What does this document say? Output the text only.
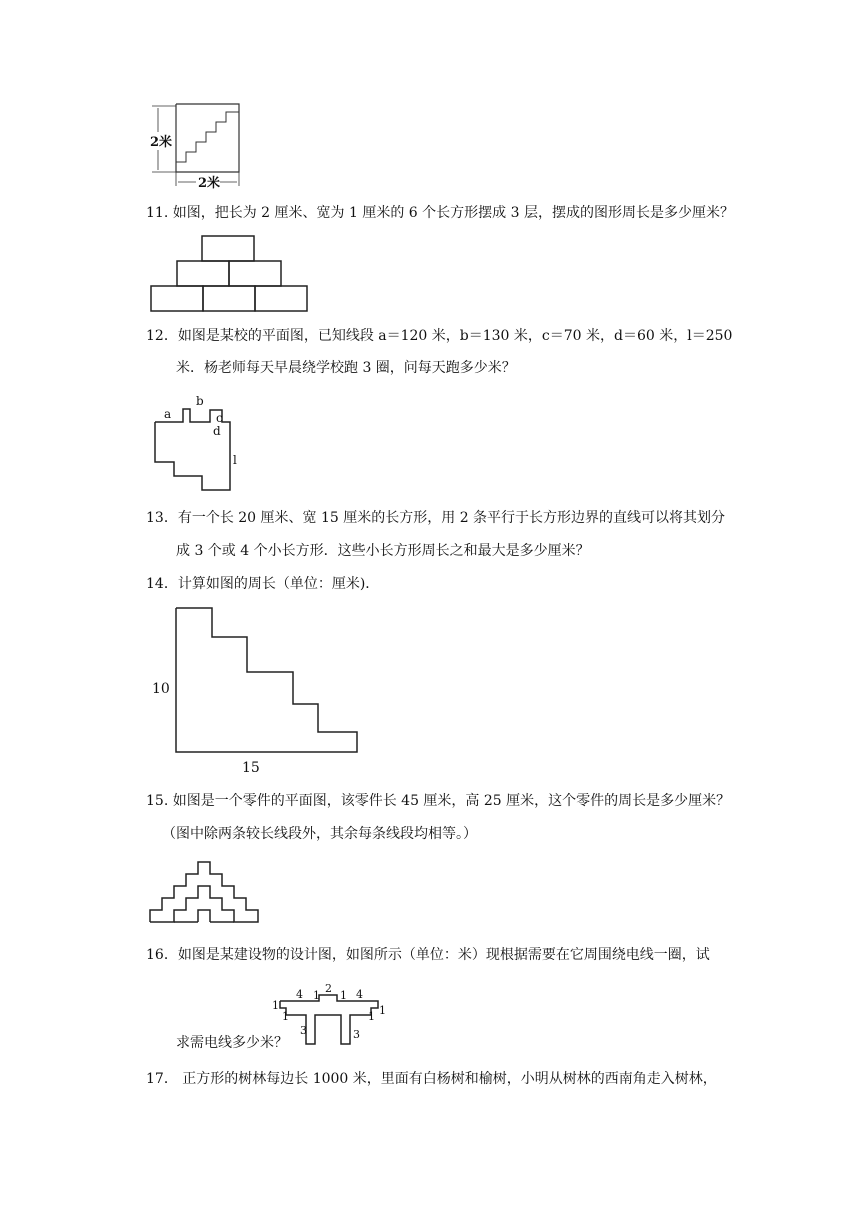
2米
2米
11. 如图，把长为 2 厘米、宽为 1 厘米的 6 个长方形摆成 3 层，摆成的图形周长是多少厘米？
12．如图是某校的平面图，已知线段 a＝120 米，b＝130 米，c＝70 米，d＝60 米，l＝250
米．杨老师每天早晨绕学校跑 3 圈，问每天跑多少米？
a
b
c
d
l
13．有一个长 20 厘米、宽 15 厘米的长方形，用 2 条平行于长方形边界的直线可以将其划分
成 3 个或 4 个小长方形．这些小长方形周长之和最大是多少厘米？
14．计算如图的周长（单位：厘米)．
10
15
15. 如图是一个零件的平面图，该零件长 45 厘米，高 25 厘米，这个零件的周长是多少厘米？
（图中除两条较长线段外，其余每条线段均相等。）
16．如图是某建设物的设计图，如图所示（单位：米）现根据需要在它周围绕电线一圈，试
2
4 1 1 4
1
1	1 1
3	3
求需电线多少米？
17． 正方形的树林每边长 1000 米，里面有白杨树和榆树，小明从树林的西南角走入树林，
